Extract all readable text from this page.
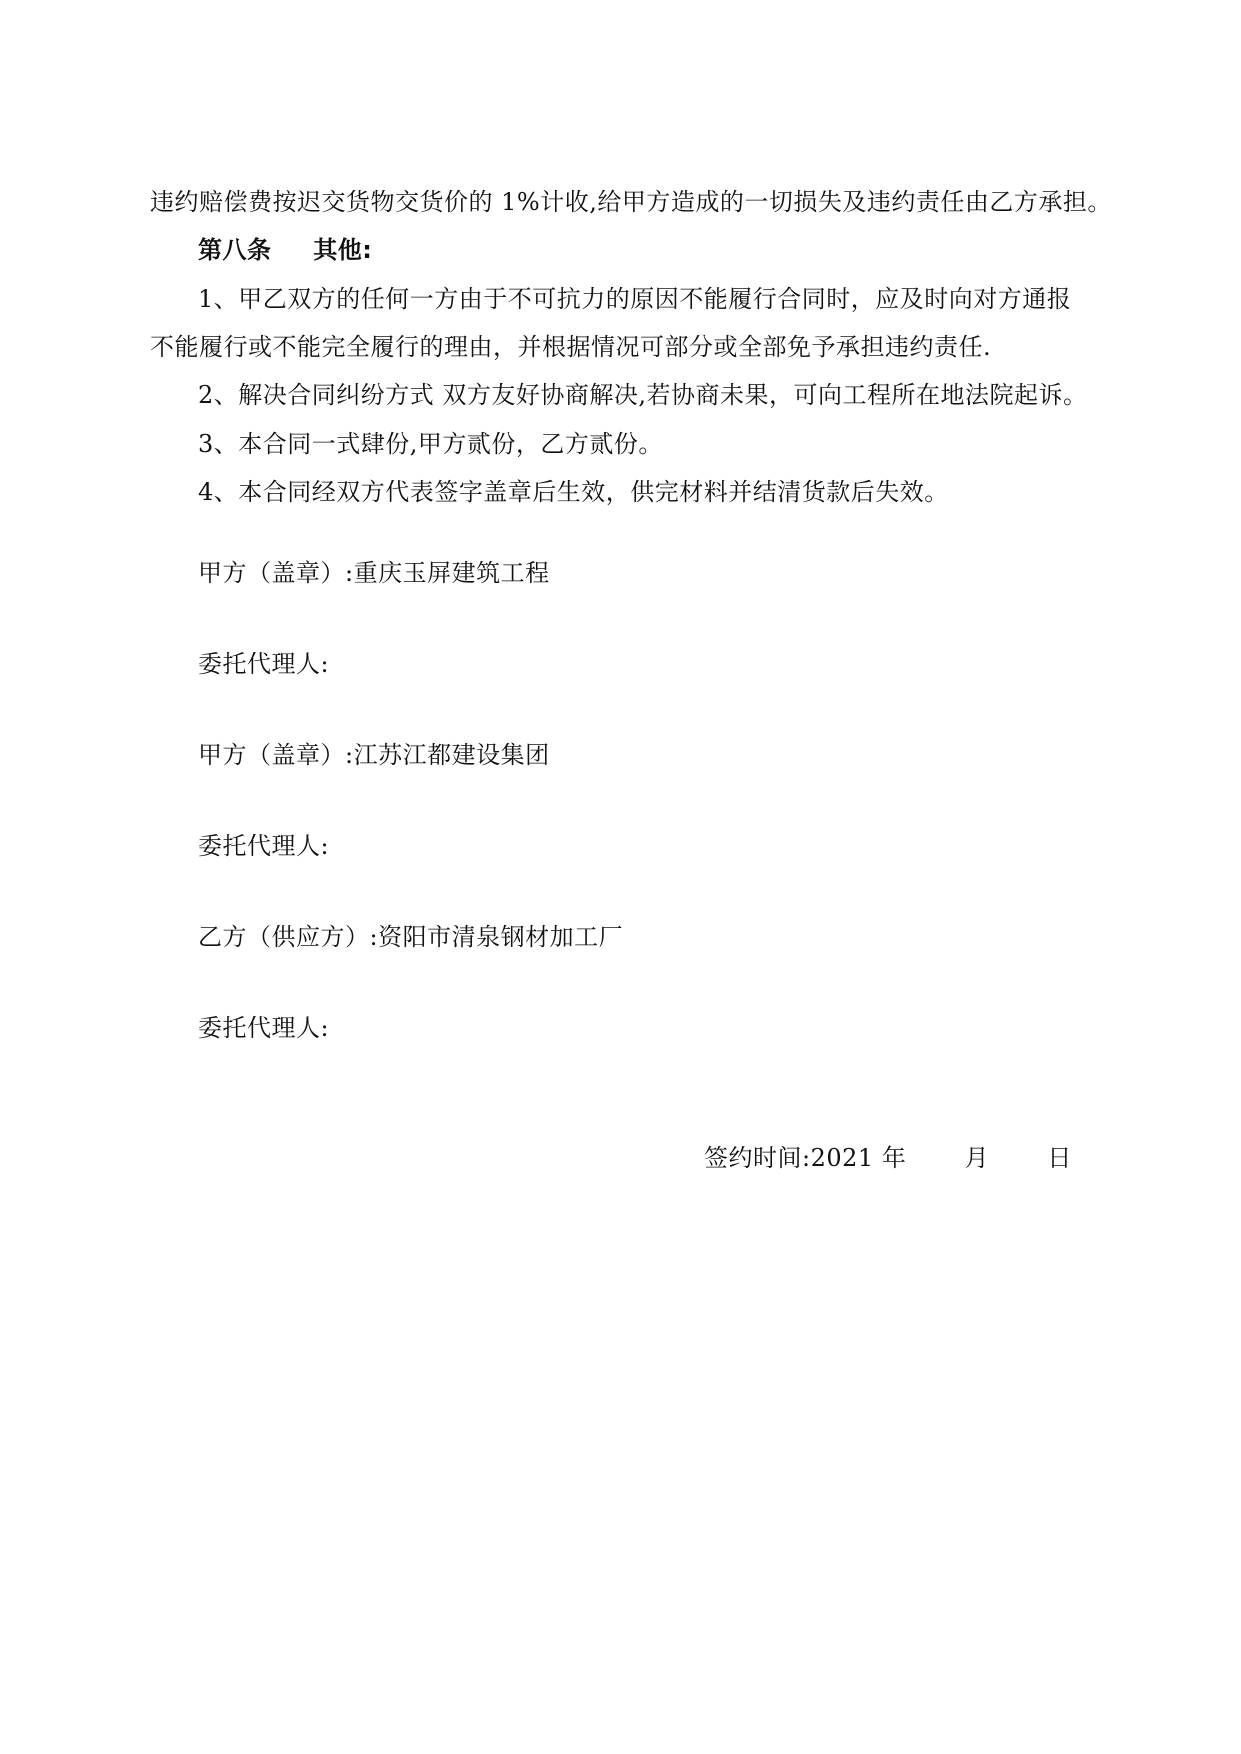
违约赔偿费按迟交货物交货价的 1%计收,给甲方造成的一切损失及违约责任由乙方承担。
第八条 其他:
1、甲乙双方的任何一方由于不可抗力的原因不能履行合同时，应及时向对方通报
不能履行或不能完全履行的理由，并根据情况可部分或全部免予承担违约责任.
2、解决合同纠纷方式 双方友好协商解决,若协商未果，可向工程所在地法院起诉。
3、本合同一式肆份,甲方贰份，乙方贰份。
4、本合同经双方代表签字盖章后生效，供完材料并结清货款后失效。
甲方（盖章）:重庆玉屏建筑工程
委托代理人:
甲方（盖章）:江苏江都建设集团
委托代理人:
乙方（供应方）:资阳市清泉钢材加工厂
委托代理人:
签约时间:2021 年 月 日
